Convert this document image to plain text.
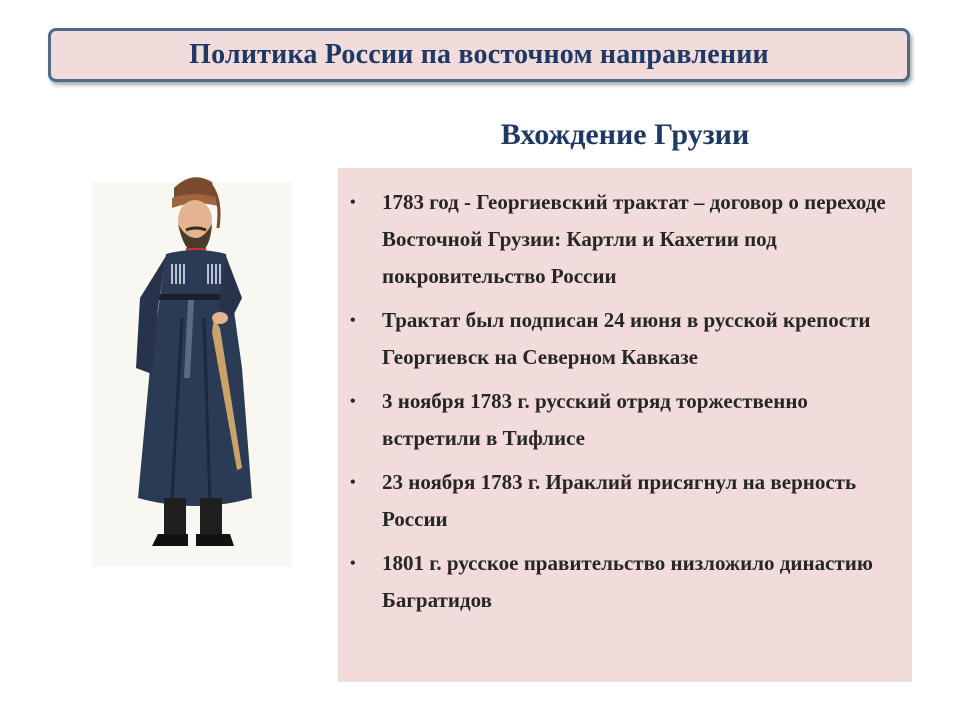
Политика России па восточном направлении
Вхождение Грузии
• 1783 год - Георгиевский трактат – договор о переходе Восточной Грузии: Картли и Кахетии под покровительство России
• Трактат был подписан 24 июня в русской крепости Георгиевск на Северном Кавказе
• 3 ноября 1783 г. русский отряд торжественно встретили в Тифлисе
• 23 ноября 1783 г. Ираклий присягнул на верность России
• 1801 г. русское правительство низложило династию Багратидов
